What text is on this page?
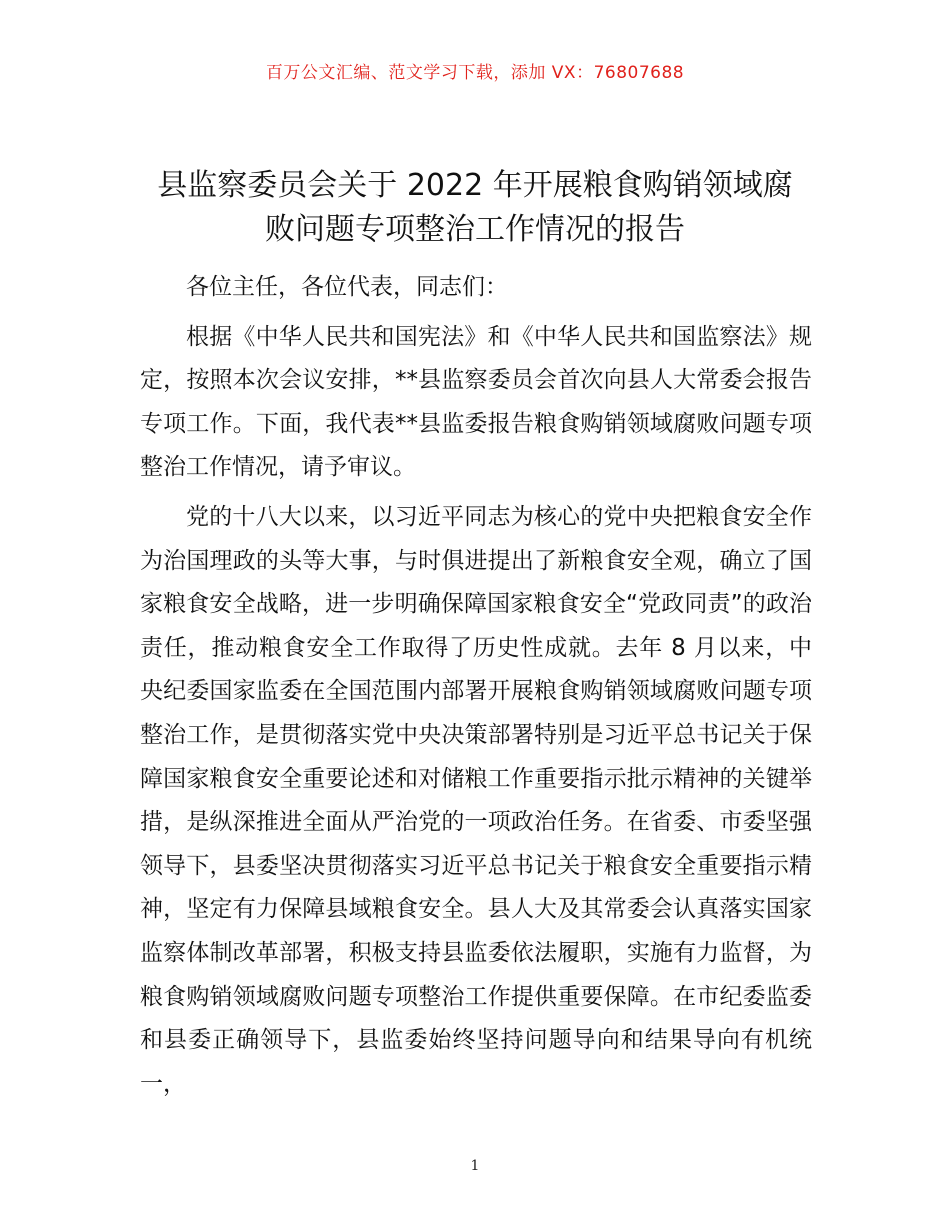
百万公文汇编、范文学习下载，添加 VX：76807688
县监察委员会关于 2022 年开展粮食购销领域腐
败问题专项整治工作情况的报告

各位主任，各位代表，同志们：

根据《中华人民共和国宪法》和《中华人民共和国监察法》规定，按照本次会议安排，**县监察委员会首次向县人大常委会报告专项工作。下面，我代表**县监委报告粮食购销领域腐败问题专项整治工作情况，请予审议。

党的十八大以来，以习近平同志为核心的党中央把粮食安全作为治国理政的头等大事，与时俱进提出了新粮食安全观，确立了国家粮食安全战略，进一步明确保障国家粮食安全“党政同责”的政治责任，推动粮食安全工作取得了历史性成就。去年 8 月以来，中央纪委国家监委在全国范围内部署开展粮食购销领域腐败问题专项整治工作，是贯彻落实党中央决策部署特别是习近平总书记关于保障国家粮食安全重要论述和对储粮工作重要指示批示精神的关键举措，是纵深推进全面从严治党的一项政治任务。在省委、市委坚强领导下，县委坚决贯彻落实习近平总书记关于粮食安全重要指示精神，坚定有力保障县域粮食安全。县人大及其常委会认真落实国家监察体制改革部署，积极支持县监委依法履职，实施有力监督，为粮食购销领域腐败问题专项整治工作提供重要保障。在市纪委监委和县委正确领导下，县监委始终坚持问题导向和结果导向有机统一，

1
